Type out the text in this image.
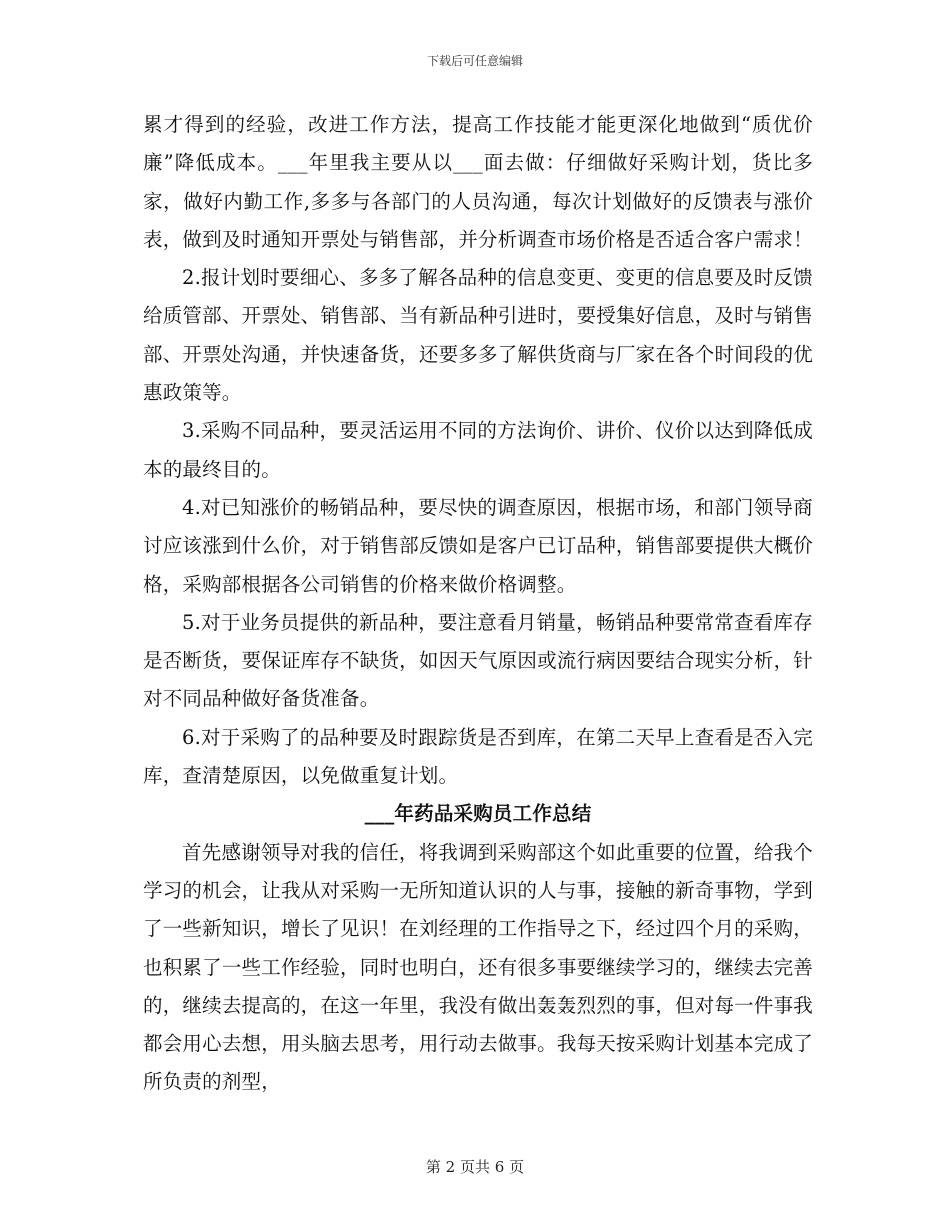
下载后可任意编辑

累才得到的经验，改进工作方法，提高工作技能才能更深化地做到“质优价廉”降低成本。___年里我主要从以___面去做：仔细做好采购计划，货比多家，做好内勤工作,多多与各部门的人员沟通，每次计划做好的反馈表与涨价表，做到及时通知开票处与销售部，并分析调查市场价格是否适合客户需求！

2.报计划时要细心、多多了解各品种的信息变更、变更的信息要及时反馈给质管部、开票处、销售部、当有新品种引进时，要授集好信息，及时与销售部、开票处沟通，并快速备货，还要多多了解供货商与厂家在各个时间段的优惠政策等。

3.采购不同品种，要灵活运用不同的方法询价、讲价、仪价以达到降低成本的最终目的。

4.对已知涨价的畅销品种，要尽快的调查原因，根据市场，和部门领导商讨应该涨到什么价，对于销售部反馈如是客户已订品种，销售部要提供大概价格，采购部根据各公司销售的价格来做价格调整。

5.对于业务员提供的新品种，要注意看月销量，畅销品种要常常查看库存是否断货，要保证库存不缺货，如因天气原因或流行病因要结合现实分析，针对不同品种做好备货准备。

6.对于采购了的品种要及时跟踪货是否到库，在第二天早上查看是否入完库，查清楚原因，以免做重复计划。

___年药品采购员工作总结

首先感谢领导对我的信任，将我调到采购部这个如此重要的位置，给我个学习的机会，让我从对采购一无所知道认识的人与事，接触的新奇事物，学到了一些新知识，增长了见识！在刘经理的工作指导之下，经过四个月的采购，也积累了一些工作经验，同时也明白，还有很多事要继续学习的，继续去完善的，继续去提高的，在这一年里，我没有做出轰轰烈烈的事，但对每一件事我都会用心去想，用头脑去思考，用行动去做事。我每天按采购计划基本完成了所负责的剂型，

第 2 页共 6 页
